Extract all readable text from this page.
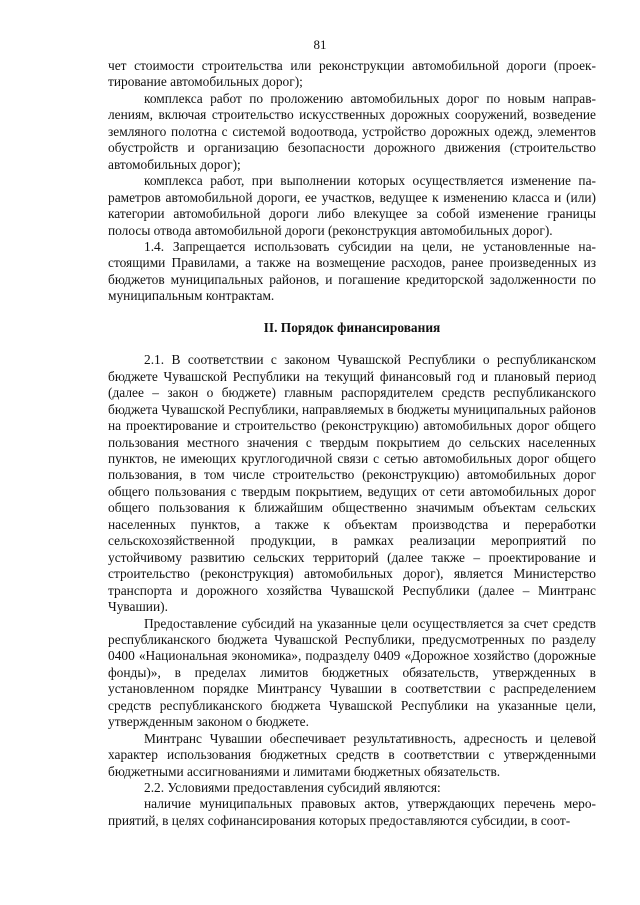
81

чет стоимости строительства или реконструкции автомобильной дороги (проектирование автомобильных дорог);

комплекса работ по проложению автомобильных дорог по новым направлениям, включая строительство искусственных дорожных сооружений, возведение земляного полотна с системой водоотвода, устройство дорожных одежд, элементов обустройств и организацию безопасности дорожного движения (строительство автомобильных дорог);

комплекса работ, при выполнении которых осуществляется изменение параметров автомобильной дороги, ее участков, ведущее к изменению класса и (или) категории автомобильной дороги либо влекущее за собой изменение границы полосы отвода автомобильной дороги (реконструкция автомобильных дорог).

1.4. Запрещается использовать субсидии на цели, не установленные настоящими Правилами, а также на возмещение расходов, ранее произведенных из бюджетов муниципальных районов, и погашение кредиторской задолженности по муниципальным контрактам.

II. Порядок финансирования

2.1. В соответствии с законом Чувашской Республики о республиканском бюджете Чувашской Республики на текущий финансовый год и плановый период (далее – закон о бюджете) главным распорядителем средств республиканского бюджета Чувашской Республики, направляемых в бюджеты муниципальных районов на проектирование и строительство (реконструкцию) автомобильных дорог общего пользования местного значения с твердым покрытием до сельских населенных пунктов, не имеющих круглогодичной связи с сетью автомобильных дорог общего пользования, в том числе строительство (реконструкцию) автомобильных дорог общего пользования с твердым покрытием, ведущих от сети автомобильных дорог общего пользования к ближайшим общественно значимым объектам сельских населенных пунктов, а также к объектам производства и переработки сельскохозяйственной продукции, в рамках реализации мероприятий по устойчивому развитию сельских территорий (далее также – проектирование и строительство (реконструкция) автомобильных дорог), является Министерство транспорта и дорожного хозяйства Чувашской Республики (далее – Минтранс Чувашии).

Предоставление субсидий на указанные цели осуществляется за счет средств республиканского бюджета Чувашской Республики, предусмотренных по разделу 0400 «Национальная экономика», подразделу 0409 «Дорожное хозяйство (дорожные фонды)», в пределах лимитов бюджетных обязательств, утвержденных в установленном порядке Минтрансу Чувашии в соответствии с распределением средств республиканского бюджета Чувашской Республики на указанные цели, утвержденным законом о бюджете.

Минтранс Чувашии обеспечивает результативность, адресность и целевой характер использования бюджетных средств в соответствии с утвержденными бюджетными ассигнованиями и лимитами бюджетных обязательств.

2.2. Условиями предоставления субсидий являются:

наличие муниципальных правовых актов, утверждающих перечень мероприятий, в целях софинансирования которых предоставляются субсидии, в соот-
